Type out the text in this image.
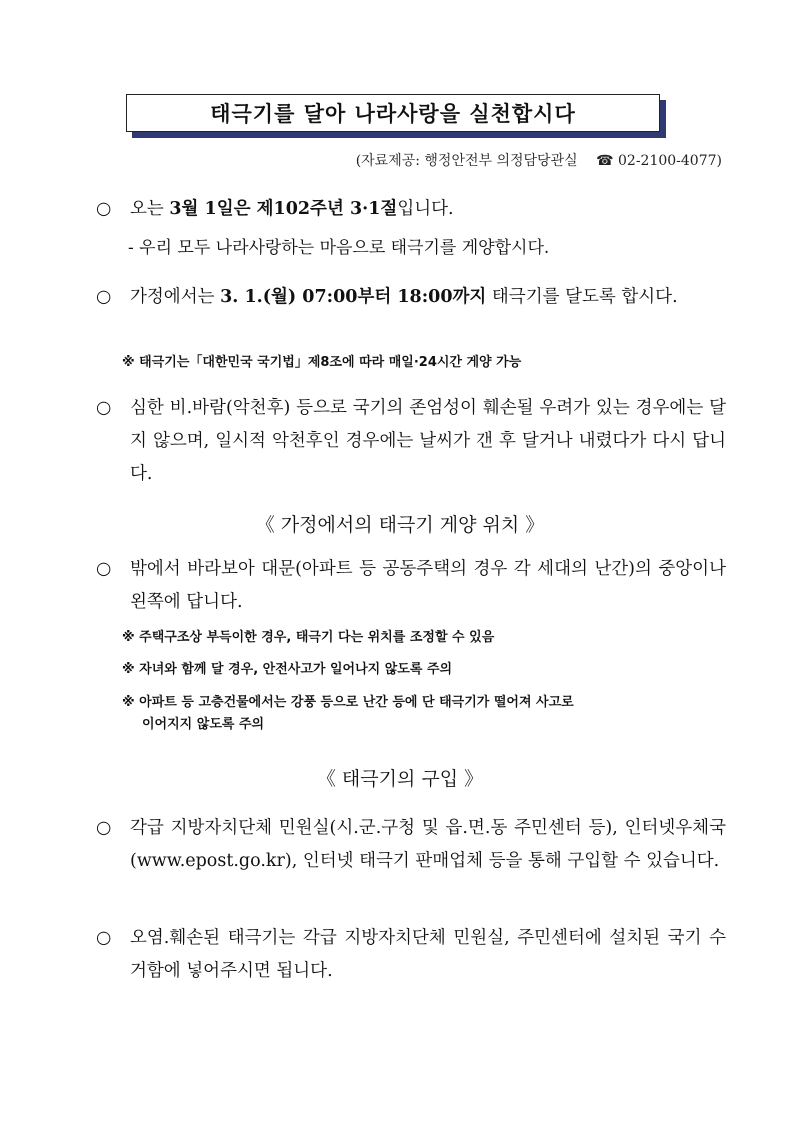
태극기를 달아 나라사랑을 실천합시다
(자료제공: 행정안전부 의정담당관실 ☎ 02-2100-4077)
○	오는 3월 1일은 제102주년 3·1절입니다.
- 우리 모두 나라사랑하는 마음으로 태극기를 게양합시다.
○	가정에서는 3. 1.(월) 07:00부터 18:00까지 태극기를 달도록 합시다.
※ 태극기는「대한민국 국기법」제8조에 따라 매일·24시간 게양 가능
○	심한 비.바람(악천후) 등으로 국기의 존엄성이 훼손될 우려가 있는 경우에는 달지 않으며, 일시적 악천후인 경우에는 날씨가 갠 후 달거나 내렸다가 다시 답니다.
《 가정에서의 태극기 게양 위치 》
○	밖에서 바라보아 대문(아파트 등 공동주택의 경우 각 세대의 난간)의 중앙이나 왼쪽에 답니다.
※ 주택구조상 부득이한 경우, 태극기 다는 위치를 조정할 수 있음
※ 자녀와 함께 달 경우, 안전사고가 일어나지 않도록 주의
※ 아파트 등 고층건물에서는 강풍 등으로 난간 등에 단 태극기가 떨어져 사고로
이어지지 않도록 주의
《 태극기의 구입 》
○	각급 지방자치단체 민원실(시.군.구청 및 읍.면.동 주민센터 등), 인터넷우체국(www.epost.go.kr), 인터넷 태극기 판매업체 등을 통해 구입할 수 있습니다.
○	오염.훼손된 태극기는 각급 지방자치단체 민원실, 주민센터에 설치된 국기 수거함에 넣어주시면 됩니다.
